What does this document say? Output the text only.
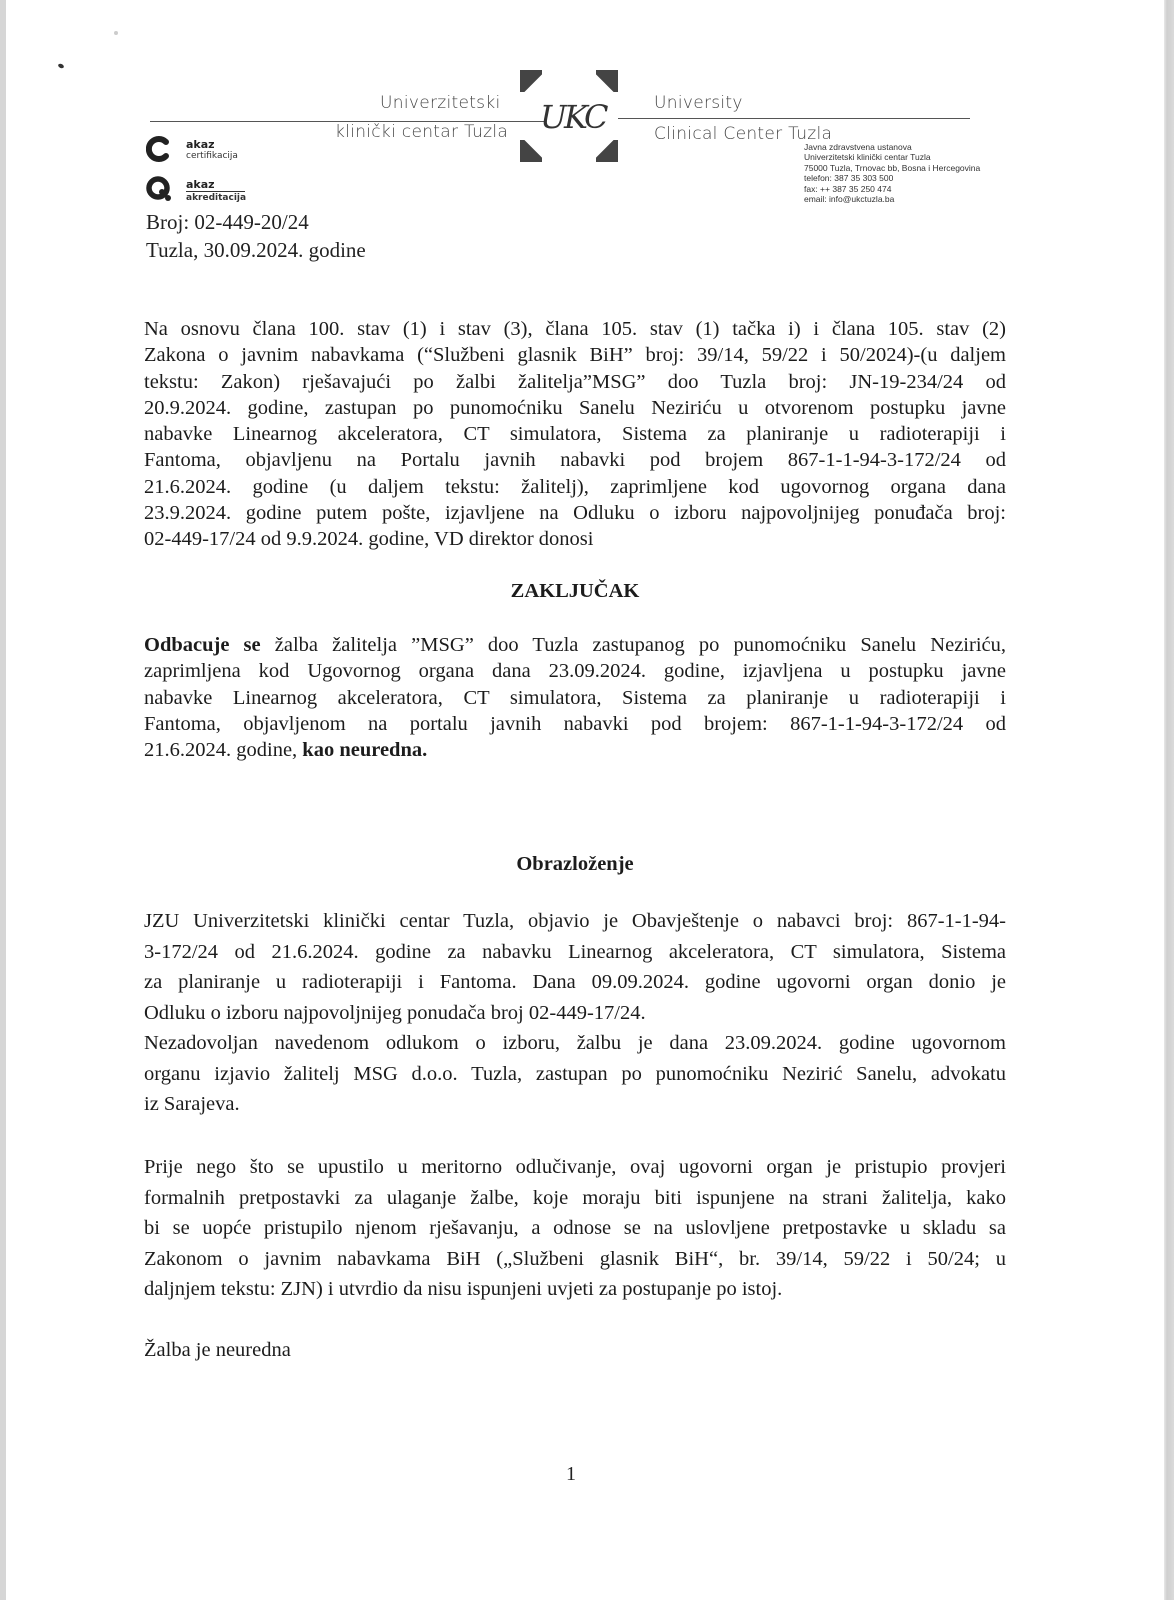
Univerzitetski
klinički centar Tuzla UKC	University
Clinical Center Tuzla
Javna zdravstvena ustanova
Univerzitetski klinički centar Tuzla
75000 Tuzla, Trnovac bb, Bosna i Hercegovina
telefon: 387 35 303 500
fax: ++ 387 35 250 474
email: info@ukctuzla.ba
akaz
certifikacija
akaz
akreditacija
Broj: 02-449-20/24
Tuzla, 30.09.2024. godine
Na osnovu člana 100. stav (1) i stav (3), člana 105. stav (1) tačka i) i člana 105. stav (2)
Zakona o javnim nabavkama (“Službeni glasnik BiH” broj: 39/14, 59/22 i 50/2024)-(u daljem
tekstu: Zakon) rješavajući po žalbi žalitelja”MSG” doo Tuzla broj: JN-19-234/24 od
20.9.2024. godine, zastupan po punomoćniku Sanelu Neziriću u otvorenom postupku javne
nabavke Linearnog akceleratora, CT simulatora, Sistema za planiranje u radioterapiji i
Fantoma, objavljenu na Portalu javnih nabavki pod brojem 867-1-1-94-3-172/24 od
21.6.2024. godine (u daljem tekstu: žalitelj), zaprimljene kod ugovornog organa dana
23.9.2024. godine putem pošte, izjavljene na Odluku o izboru najpovoljnijeg ponuđača broj:
02-449-17/24 od 9.9.2024. godine, VD direktor donosi
ZAKLJUČAK
Odbacuje se žalba žalitelja ”MSG” doo Tuzla zastupanog po punomoćniku Sanelu Neziriću,
zaprimljena kod Ugovornog organa dana 23.09.2024. godine, izjavljena u postupku javne
nabavke Linearnog akceleratora, CT simulatora, Sistema za planiranje u radioterapiji i
Fantoma, objavljenom na portalu javnih nabavki pod brojem: 867-1-1-94-3-172/24 od
21.6.2024. godine, kao neuredna.
Obrazloženje
JZU Univerzitetski klinički centar Tuzla, objavio je Obavještenje o nabavci broj: 867-1-1-94-
3-172/24 od 21.6.2024. godine za nabavku Linearnog akceleratora, CT simulatora, Sistema
za planiranje u radioterapiji i Fantoma. Dana 09.09.2024. godine ugovorni organ donio je
Odluku o izboru najpovoljnijeg ponudača broj 02-449-17/24.
Nezadovoljan navedenom odlukom o izboru, žalbu je dana 23.09.2024. godine ugovornom
organu izjavio žalitelj MSG d.o.o. Tuzla, zastupan po punomoćniku Nezirić Sanelu, advokatu
iz Sarajeva.
Prije nego što se upustilo u meritorno odlučivanje, ovaj ugovorni organ je pristupio provjeri
formalnih pretpostavki za ulaganje žalbe, koje moraju biti ispunjene na strani žalitelja, kako
bi se uopće pristupilo njenom rješavanju, a odnose se na uslovljene pretpostavke u skladu sa
Zakonom o javnim nabavkama BiH („Službeni glasnik BiH“, br. 39/14, 59/22 i 50/24; u
daljnjem tekstu: ZJN) i utvrdio da nisu ispunjeni uvjeti za postupanje po istoj.
Žalba je neuredna
1
